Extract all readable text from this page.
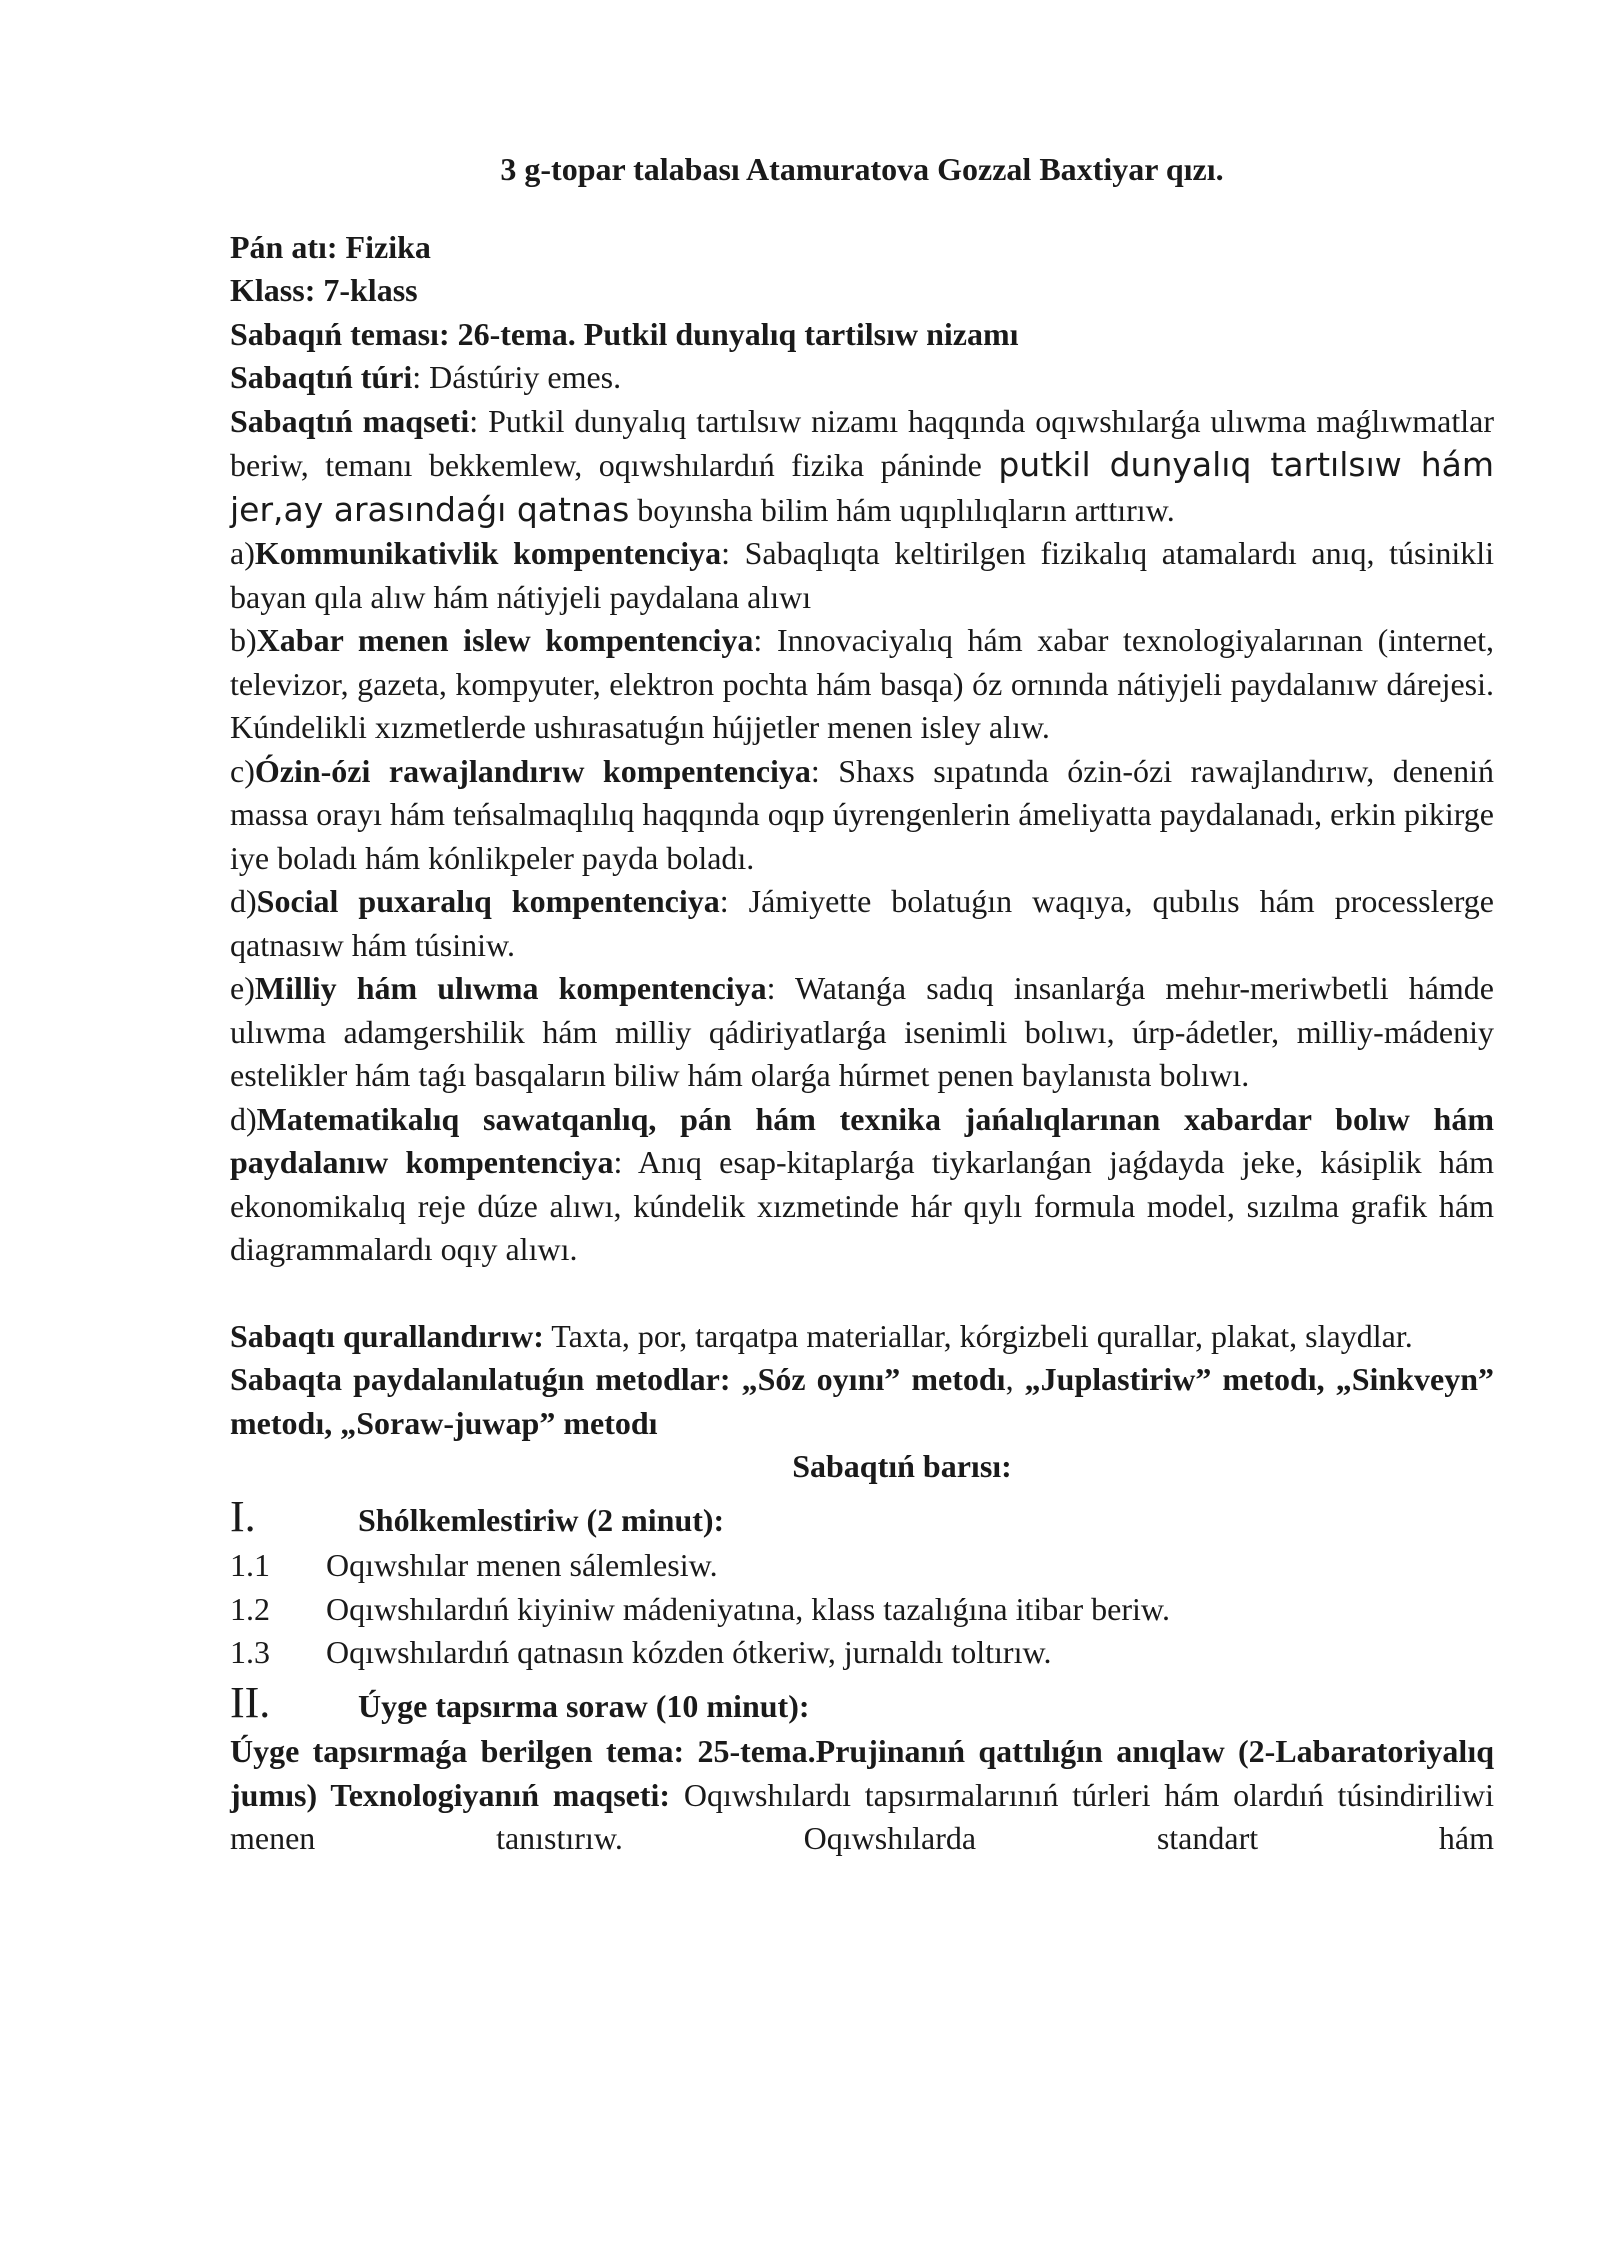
3 g-topar talabası Atamuratova Gozzal Baxtiyar qızı.

Pán atı: Fizika

Klass: 7-klass

Sabaqıń teması: 26-tema. Putkil dunyalıq tartilsıw nizamı

Sabaqtıń túri: Dástúriy emes.

Sabaqtıń maqseti: Putkil dunyalıq tartılsıw nizamı haqqında oqıwshılarǵa ulıwma maǵlıwmatlar beriw, temanı bekkemlew, oqıwshılardıń fizika páninde putkil dunyalıq tartılsıw hám jer,ay arasındaǵı qatnas boyınsha bilim hám uqıplılıqların arttırıw.

a)Kommunikativlik kompentenciya: Sabaqlıqta keltirilgen fizikalıq atamalardı anıq, túsinikli bayan qıla alıw hám nátiyjeli paydalana alıwı

b)Xabar menen islew kompentenciya: Innovaciyalıq hám xabar texnologiyalarınan (internet, televizor, gazeta, kompyuter, elektron pochta hám basqa) óz ornında nátiyjeli paydalanıw dárejesi. Kúndelikli xızmetlerde ushırasatuǵın hújjetler menen isley alıw.

c)Ózin-ózi rawajlandırıw kompentenciya: Shaxs sıpatında ózin-ózi rawajlandırıw, deneniń massa orayı hám teńsalmaqlılıq haqqında oqıp úyrengenlerin ámeliyatta paydalanadı, erkin pikirge iye boladı hám kónlikpeler payda boladı.

d)Social puxaralıq kompentenciya: Jámiyette bolatuǵın waqıya, qubılıs hám processlerge qatnasıw hám túsiniw.

e)Milliy hám ulıwma kompentenciya: Watanǵa sadıq insanlarǵa mehır-meriwbetli hámde ulıwma adamgershilik hám milliy qádiriyatlarǵa isenimli bolıwı, úrp-ádetler, milliy-mádeniy estelikler hám taǵı basqaların biliw hám olarǵa húrmet penen baylanısta bolıwı.

d)Matematikalıq sawatqanlıq, pán hám texnika jańalıqlarınan xabardar bolıw hám paydalanıw kompentenciya: Anıq esap-kitaplarǵa tiykarlanǵan jaǵdayda jeke, kásiplik hám ekonomikalıq reje dúze alıwı, kúndelik xızmetinde hár qıylı formula model, sızılma grafik hám diagrammalardı oqıy alıwı.

Sabaqtı qurallandırıw: Taxta, por, tarqatpa materiallar, kórgizbeli qurallar, plakat, slaydlar.

Sabaqta paydalanılatuǵın metodlar: „Sóz oyını” metodı, „Juplastiriw” metodı, „Sinkveyn” metodı, „Soraw-juwap” metodı

Sabaqtıń barısı:

I.	Shólkemlestiriw (2 minut):
1.1	Oqıwshılar menen sálemlesiw.
1.2	Oqıwshılardıń kiyiniw mádeniyatına, klass tazalıǵına itibar beriw.
1.3	Oqıwshılardıń qatnasın kózden ótkeriw, jurnaldı toltırıw.
II.	Úyge tapsırma soraw (10 minut):

Úyge tapsırmaǵa berilgen tema: 25-tema.Prujinanıń qattılıǵın anıqlaw (2-Labaratoriyalıq jumıs) Texnologiyanıń maqseti: Oqıwshılardı tapsırmalarınıń túrleri hám olardıń túsindiriliwi menen tanıstırıw. Oqıwshılarda standart hám
